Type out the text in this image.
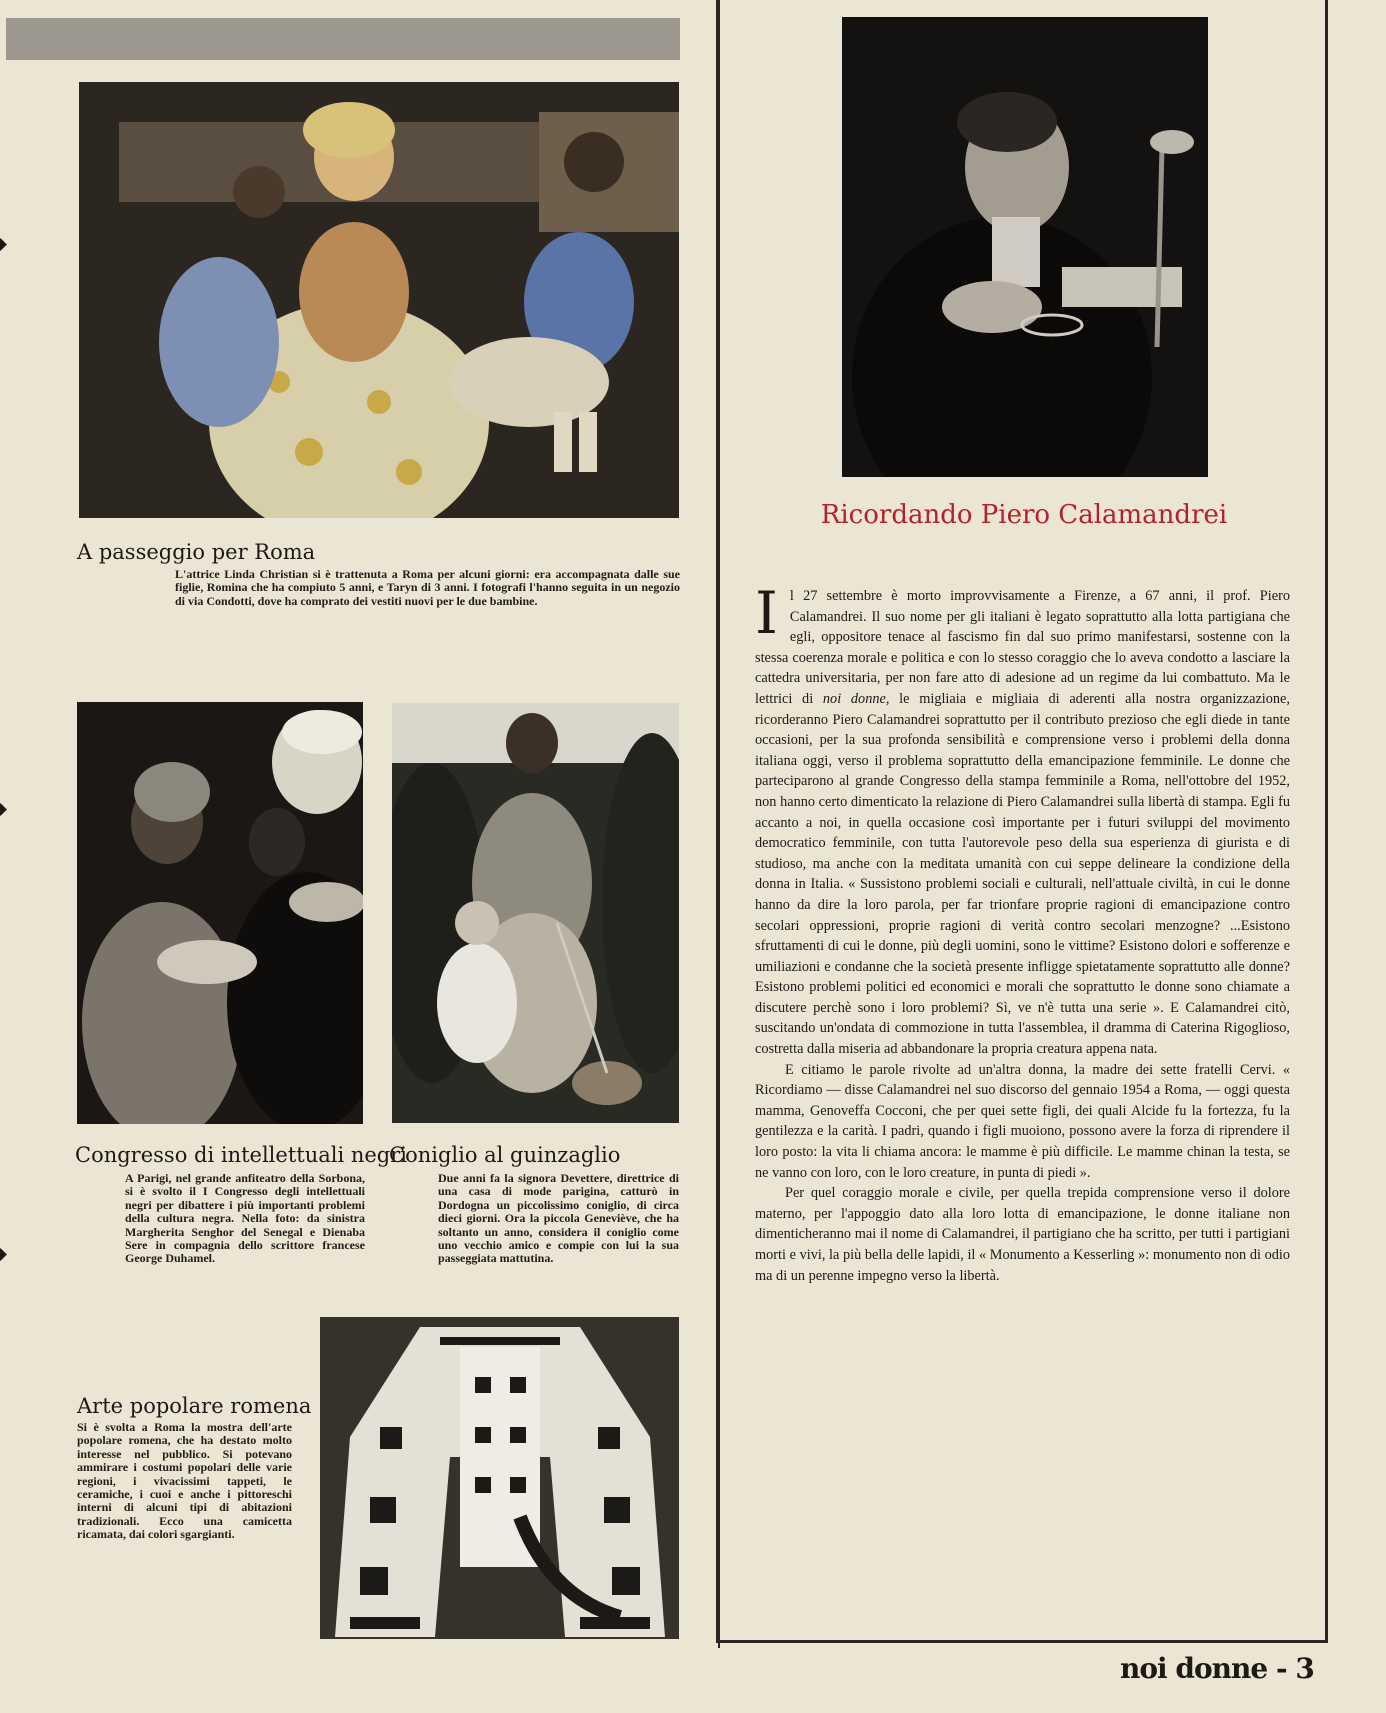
A passeggio per Roma

L'attrice Linda Christian si è trattenuta a Roma per alcuni giorni: era accompagnata dalle sue figlie, Romina che ha compiuto 5 anni, e Taryn di 3 anni. I fotografi l'hanno seguita in un negozio di via Condotti, dove ha comprato dei vestiti nuovi per le due bambine.

Congresso di intellettuali negri

A Parigi, nel grande anfiteatro della Sorbona, si è svolto il I Congresso degli intellettuali negri per dibattere i più importanti problemi della cultura negra. Nella foto: da sinistra Margherita Senghor del Senegal e Dienaba Sere in compagnia dello scrittore francese George Duhamel.

Coniglio al guinzaglio

Due anni fa la signora Devettere, direttrice di una casa di mode parigina, catturò in Dordogna un piccolissimo coniglio, di circa dieci giorni. Ora la piccola Geneviève, che ha soltanto un anno, considera il coniglio come uno vecchio amico e compie con lui la sua passeggiata mattutina.

Arte popolare romena

Si è svolta a Roma la mostra dell'arte popolare romena, che ha destato molto interesse nel pubblico. Si potevano ammirare i costumi popolari delle varie regioni, i vivacissimi tappeti, le ceramiche, i cuoi e anche i pittoreschi interni di alcuni tipi di abitazioni tradizionali. Ecco una camicetta ricamata, dai colori sgargianti.

Ricordando Piero Calamandrei

Il 27 settembre è morto improvvisamente a Firenze, a 67 anni, il prof. Piero Calamandrei. Il suo nome per gli italiani è legato soprattutto alla lotta partigiana che egli, oppositore tenace al fascismo fin dal suo primo manifestarsi, sostenne con la stessa coerenza morale e politica e con lo stesso coraggio che lo aveva condotto a lasciare la cattedra universitaria, per non fare atto di adesione ad un regime da lui combattuto. Ma le lettrici di noi donne, le migliaia e migliaia di aderenti alla nostra organizzazione, ricorderanno Piero Calamandrei soprattutto per il contributo prezioso che egli diede in tante occasioni, per la sua profonda sensibilità e comprensione verso i problemi della donna italiana oggi, verso il problema soprattutto della emancipazione femminile. Le donne che parteciparono al grande Congresso della stampa femminile a Roma, nell'ottobre del 1952, non hanno certo dimenticato la relazione di Piero Calamandrei sulla libertà di stampa. Egli fu accanto a noi, in quella occasione così importante per i futuri sviluppi del movimento democratico femminile, con tutta l'autorevole peso della sua esperienza di giurista e di studioso, ma anche con la meditata umanità con cui seppe delineare la condizione della donna in Italia. « Sussistono problemi sociali e culturali, nell'attuale civiltà, in cui le donne hanno da dire la loro parola, per far trionfare proprie ragioni di emancipazione contro secolari oppressioni, proprie ragioni di verità contro secolari menzogne? ...Esistono sfruttamenti di cui le donne, più degli uomini, sono le vittime? Esistono dolori e sofferenze e umiliazioni e condanne che la società presente infligge spietatamente soprattutto alle donne? Esistono problemi politici ed economici e morali che soprattutto le donne sono chiamate a discutere perchè sono i loro problemi? Sì, ve n'è tutta una serie ». E Calamandrei citò, suscitando un'ondata di commozione in tutta l'assemblea, il dramma di Caterina Rigoglioso, costretta dalla miseria ad abbandonare la propria creatura appena nata.

E citiamo le parole rivolte ad un'altra donna, la madre dei sette fratelli Cervi. « Ricordiamo — disse Calamandrei nel suo discorso del gennaio 1954 a Roma, — oggi questa mamma, Genoveffa Cocconi, che per quei sette figli, dei quali Alcide fu la fortezza, fu la gentilezza e la carità. I padri, quando i figli muoiono, possono avere la forza di riprendere il loro posto: la vita li chiama ancora: le mamme è più difficile. Le mamme chinan la testa, se ne vanno con loro, con le loro creature, in punta di piedi ».

Per quel coraggio morale e civile, per quella trepida comprensione verso il dolore materno, per l'appoggio dato alla loro lotta di emancipazione, le donne italiane non dimenticheranno mai il nome di Calamandrei, il partigiano che ha scritto, per tutti i partigiani morti e vivi, la più bella delle lapidi, il « Monumento a Kesserling »: monumento non di odio ma di un perenne impegno verso la libertà.

noi donne - 3
